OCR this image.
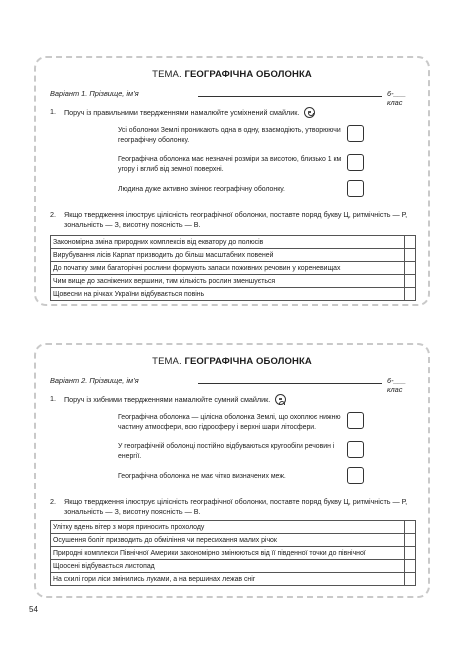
ТЕМА. ГЕОГРАФІЧНА ОБОЛОНКА
Варіант 1. Прізвище, ім’я	6-___ клас
1. Поруч із правильними твердженнями намалюйте усміхнений смайлик.
Усі оболонки Землі проникають одна в одну, взаємодіють, утворюючи географічну оболонку.
Географічна оболонка має незначні розміри за висотою, близько 1 км угору і вглиб від земної поверхні.
Людина дуже активно змінює географічну оболонку.
2. Якщо твердження ілюструє цілісність географічної оболонки, поставте поряд букву Ц, ритмічність — Р, зональність — З, висотну поясність — В.
Закономірна зміна природних комплексів від екватору до полюсів	
Вирубування лісів Карпат призводить до більш масштабних повеней	
До початку зими багаторічні рослини формують запаси поживних речовин у кореневищах	
Чим вище до засніжених вершини, тим кількість рослин зменшується	
Щовесни на річках України відбувається повінь	
ТЕМА. ГЕОГРАФІЧНА ОБОЛОНКА
Варіант 2. Прізвище, ім’я	6-___ клас
1. Поруч із хибними твердженнями намалюйте сумний смайлик.
Географічна оболонка — цілісна оболонка Землі, що охоплює нижню частину атмосфери, всю гідросферу і верхні шари літосфери.
У географічній оболонці постійно відбуваються кругообіги речовин і енергії.
Географічна оболонка не має чітко визначених меж.
2. Якщо твердження ілюструє цілісність географічної оболонки, поставте поряд букву Ц, ритмічність — Р, зональність — З, висотну поясність — В.
Улітку вдень вітер з моря приносить прохолоду	
Осушення боліт призводить до обміління чи пересихання малих річок	
Природні комплекси Північної Америки закономірно змінюються від її південної точки до північної	
Щоосені відбувається листопад	
На схилі гори ліси змінились луками, а на вершинах лежав сніг	
54
